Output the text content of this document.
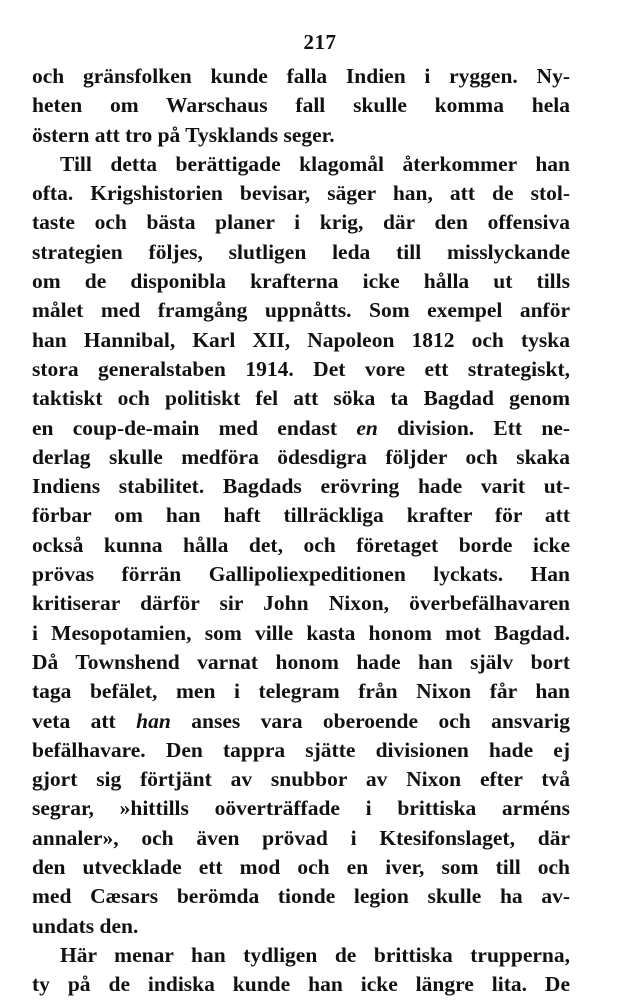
217
och gränsfolken kunde falla Indien i ryggen. Ny-
heten om Warschaus fall skulle komma hela
östern att tro på Tysklands seger.
Till detta berättigade klagomål återkommer han
ofta. Krigshistorien bevisar, säger han, att de stol-
taste och bästa planer i krig, där den offensiva
strategien följes, slutligen leda till misslyckande
om de disponibla krafterna icke hålla ut tills
målet med framgång uppnåtts. Som exempel anför
han Hannibal, Karl XII, Napoleon 1812 och tyska
stora generalstaben 1914. Det vore ett strategiskt,
taktiskt och politiskt fel att söka ta Bagdad genom
en coup-de-main med endast en division. Ett ne-
derlag skulle medföra ödesdigra följder och skaka
Indiens stabilitet. Bagdads erövring hade varit ut-
förbar om han haft tillräckliga krafter för att
också kunna hålla det, och företaget borde icke
prövas förrän Gallipoliexpeditionen lyckats. Han
kritiserar därför sir John Nixon, överbefälhavaren
i Mesopotamien, som ville kasta honom mot Bagdad.
Då Townshend varnat honom hade han själv bort
taga befälet, men i telegram från Nixon får han
veta att han anses vara oberoende och ansvarig
befälhavare. Den tappra sjätte divisionen hade ej
gjort sig förtjänt av snubbor av Nixon efter två
segrar, »hittills oöverträffade i brittiska arméns
annaler», och även prövad i Ktesifonslaget, där
den utvecklade ett mod och en iver, som till och
med Cæsars berömda tionde legion skulle ha av-
undats den.
Här menar han tydligen de brittiska trupperna,
ty på de indiska kunde han icke längre lita. De
